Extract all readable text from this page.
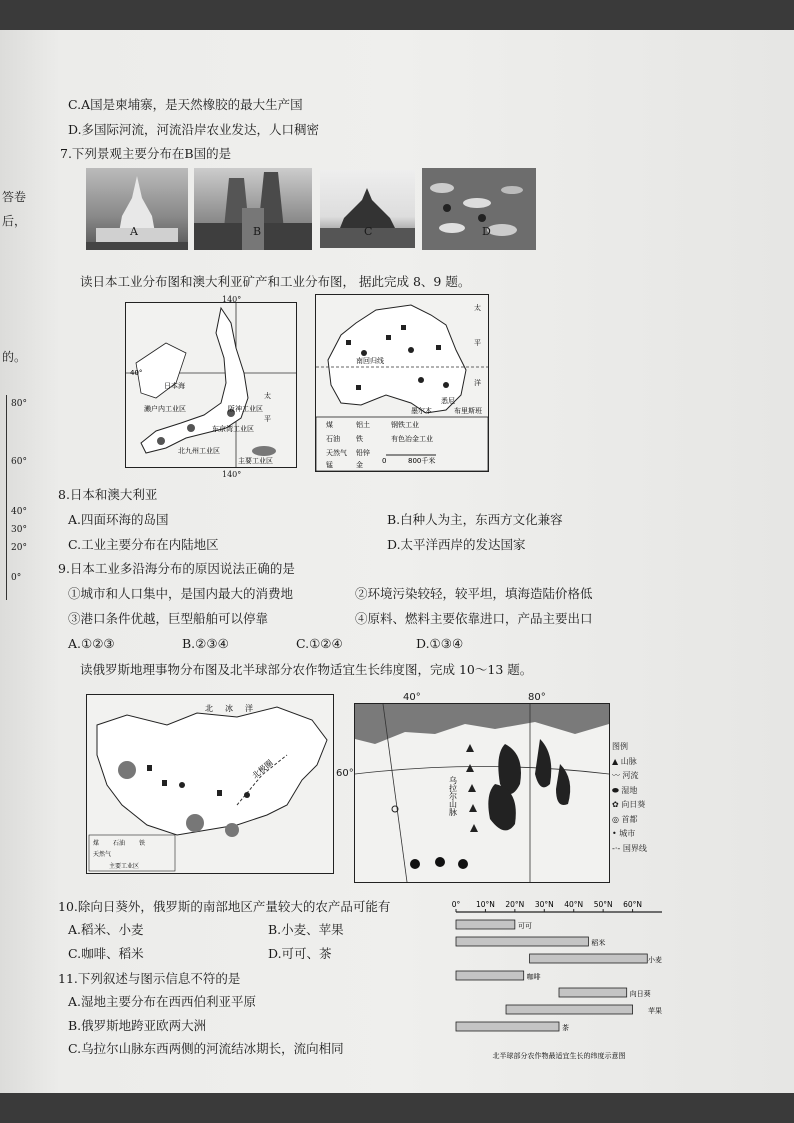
C.A国是柬埔寨，是天然橡胶的最大生产国
D.多国际河流，河流沿岸农业发达，人口稠密
答卷
后，
的。
80°
60°
40°
30°
20°
0°
7.下列景观主要分布在B国的是
A	B	C	D
读日本工业分布图和澳大利亚矿产和工业分布图， 据此完成 8、9 题。
40°
日本海
太
平
濑户内工业区	阪神工业区
东京湾工业区
北九州工业区
主要工业区
140°
140°
太
平
洋
南回归线
墨尔本
悉尼
布里斯班
煤	铝土	钢铁工业
石油 铁	有色冶金工业
天然气 铅锌
锰	金	0	800千米
8.日本和澳大利亚
A.四面环海的岛国	B.白种人为主，东西方文化兼容
C.工业主要分布在内陆地区	D.太平洋西岸的发达国家
9.日本工业多沿海分布的原因说法正确的是
①城市和人口集中，是国内最大的消费地	②环境污染较轻，较平坦，填海造陆价格低
③港口条件优越，巨型船舶可以停靠	④原料、燃料主要依靠进口，产品主要出口
A.①②③	B.②③④	C.①②④	D.①③④
读俄罗斯地理事物分布图及北半球部分农作物适宜生长纬度图，完成 10～13 题。
北 冰 洋
北极圈
煤 石油 铁
天然气
主要工业区
乌拉尔山脉
40°	80°
60°
图例
▲ 山脉
〰 河流
⬬ 湿地
✿ 向日葵
◎ 首都
• 城市
-·- 国界线
10.除向日葵外，俄罗斯的南部地区产量较大的农产品可能有
A.稻米、小麦	B.小麦、苹果
C.咖啡、稻米	D.可可、茶
11.下列叙述与图示信息不符的是
A.湿地主要分布在西西伯利亚平原
B.俄罗斯地跨亚欧两大洲
C.乌拉尔山脉东西两侧的河流结冰期长，流向相同
0° 10°N 20°N 30°N 40°N 50°N 60°N
可可
稻米
小麦
咖啡
向日葵
苹果
茶
北半球部分农作物最适宜生长的纬度示意图
